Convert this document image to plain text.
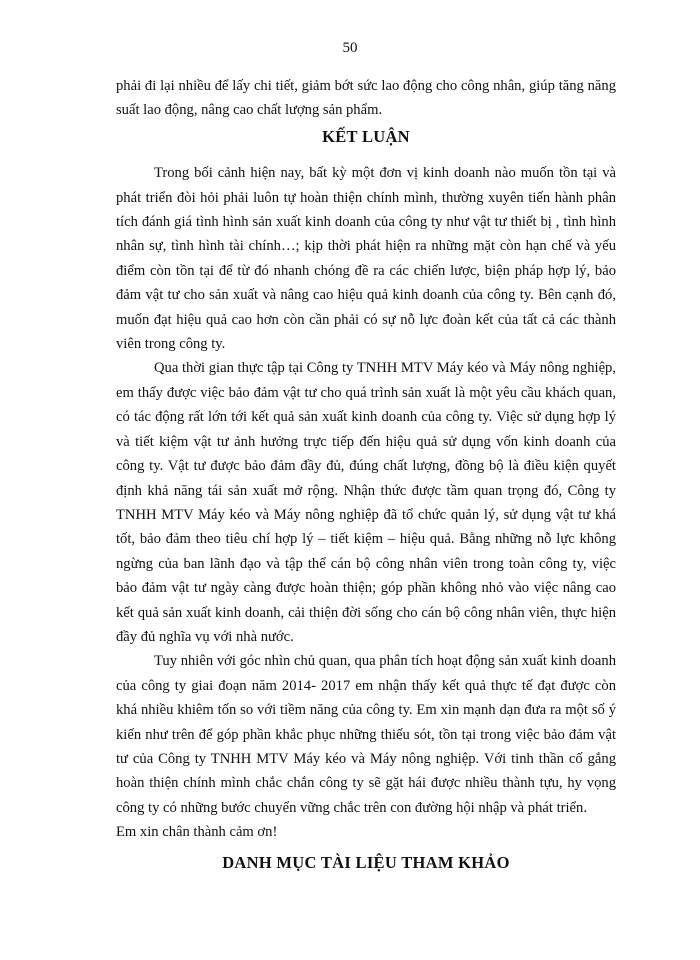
50

phải đi lại nhiều để lấy chi tiết, giảm bớt sức lao động cho công nhân, giúp tăng năng suất lao động, nâng cao chất lượng sản phẩm.

KẾT LUẬN

Trong bối cảnh hiện nay, bất kỳ một đơn vị kinh doanh nào muốn tồn tại và phát triển đòi hỏi phải luôn tự hoàn thiện chính mình, thường xuyên tiến hành phân tích đánh giá tình hình sản xuất kinh doanh của công ty như vật tư thiết bị , tình hình nhân sự, tình hình tài chính…; kịp thời phát hiện ra những mặt còn hạn chế và yếu điểm còn tồn tại để từ đó nhanh chóng đề ra các chiến lược, biện pháp hợp lý, bảo đảm vật tư cho sản xuất và nâng cao hiệu quả kinh doanh của công ty. Bên cạnh đó, muốn đạt hiệu quả cao hơn còn cần phải có sự nỗ lực đoàn kết của tất cả các thành viên trong công ty.

Qua thời gian thực tập tại Công ty TNHH MTV Máy kéo và Máy nông nghiệp, em thấy được việc bảo đảm vật tư cho quá trình sản xuất là một yêu cầu khách quan, có tác động rất lớn tới kết quả sản xuất kinh doanh của công ty. Việc sử dụng hợp lý và tiết kiệm vật tư ảnh hưởng trực tiếp đến hiệu quả sử dụng vốn kinh doanh của công ty. Vật tư được bảo đảm đầy đủ, đúng chất lượng, đồng bộ là điều kiện quyết định khả năng tái sản xuất mở rộng. Nhận thức được tầm quan trọng đó, Công ty TNHH MTV Máy kéo và Máy nông nghiệp đã tổ chức quản lý, sử dụng vật tư khá tốt, bảo đảm theo tiêu chí hợp lý – tiết kiệm – hiệu quả. Bằng những nỗ lực không ngừng của ban lãnh đạo và tập thể cán bộ công nhân viên trong toàn công ty, việc bảo đảm vật tư ngày càng được hoàn thiện; góp phần không nhỏ vào việc nâng cao kết quả sản xuất kinh doanh, cải thiện đời sống cho cán bộ công nhân viên, thực hiện đầy đủ nghĩa vụ với nhà nước.

Tuy nhiên với góc nhìn chủ quan, qua phân tích hoạt động sản xuất kinh doanh của công ty giai đoạn năm 2014- 2017 em nhận thấy kết quả thực tế đạt được còn khá nhiều khiêm tốn so với tiềm năng của công ty. Em xin mạnh dạn đưa ra một số ý kiến như trên để góp phần khắc phục những thiếu sót, tồn tại trong việc bảo đảm vật tư của Công ty TNHH MTV Máy kéo và Máy nông nghiệp. Với tinh thần cố gắng hoàn thiện chính mình chắc chắn công ty sẽ gặt hái được nhiều thành tựu, hy vọng công ty có những bước chuyển vững chắc trên con đường hội nhập và phát triển.

Em xin chân thành cảm ơn!

DANH MỤC TÀI LIỆU THAM KHẢO
